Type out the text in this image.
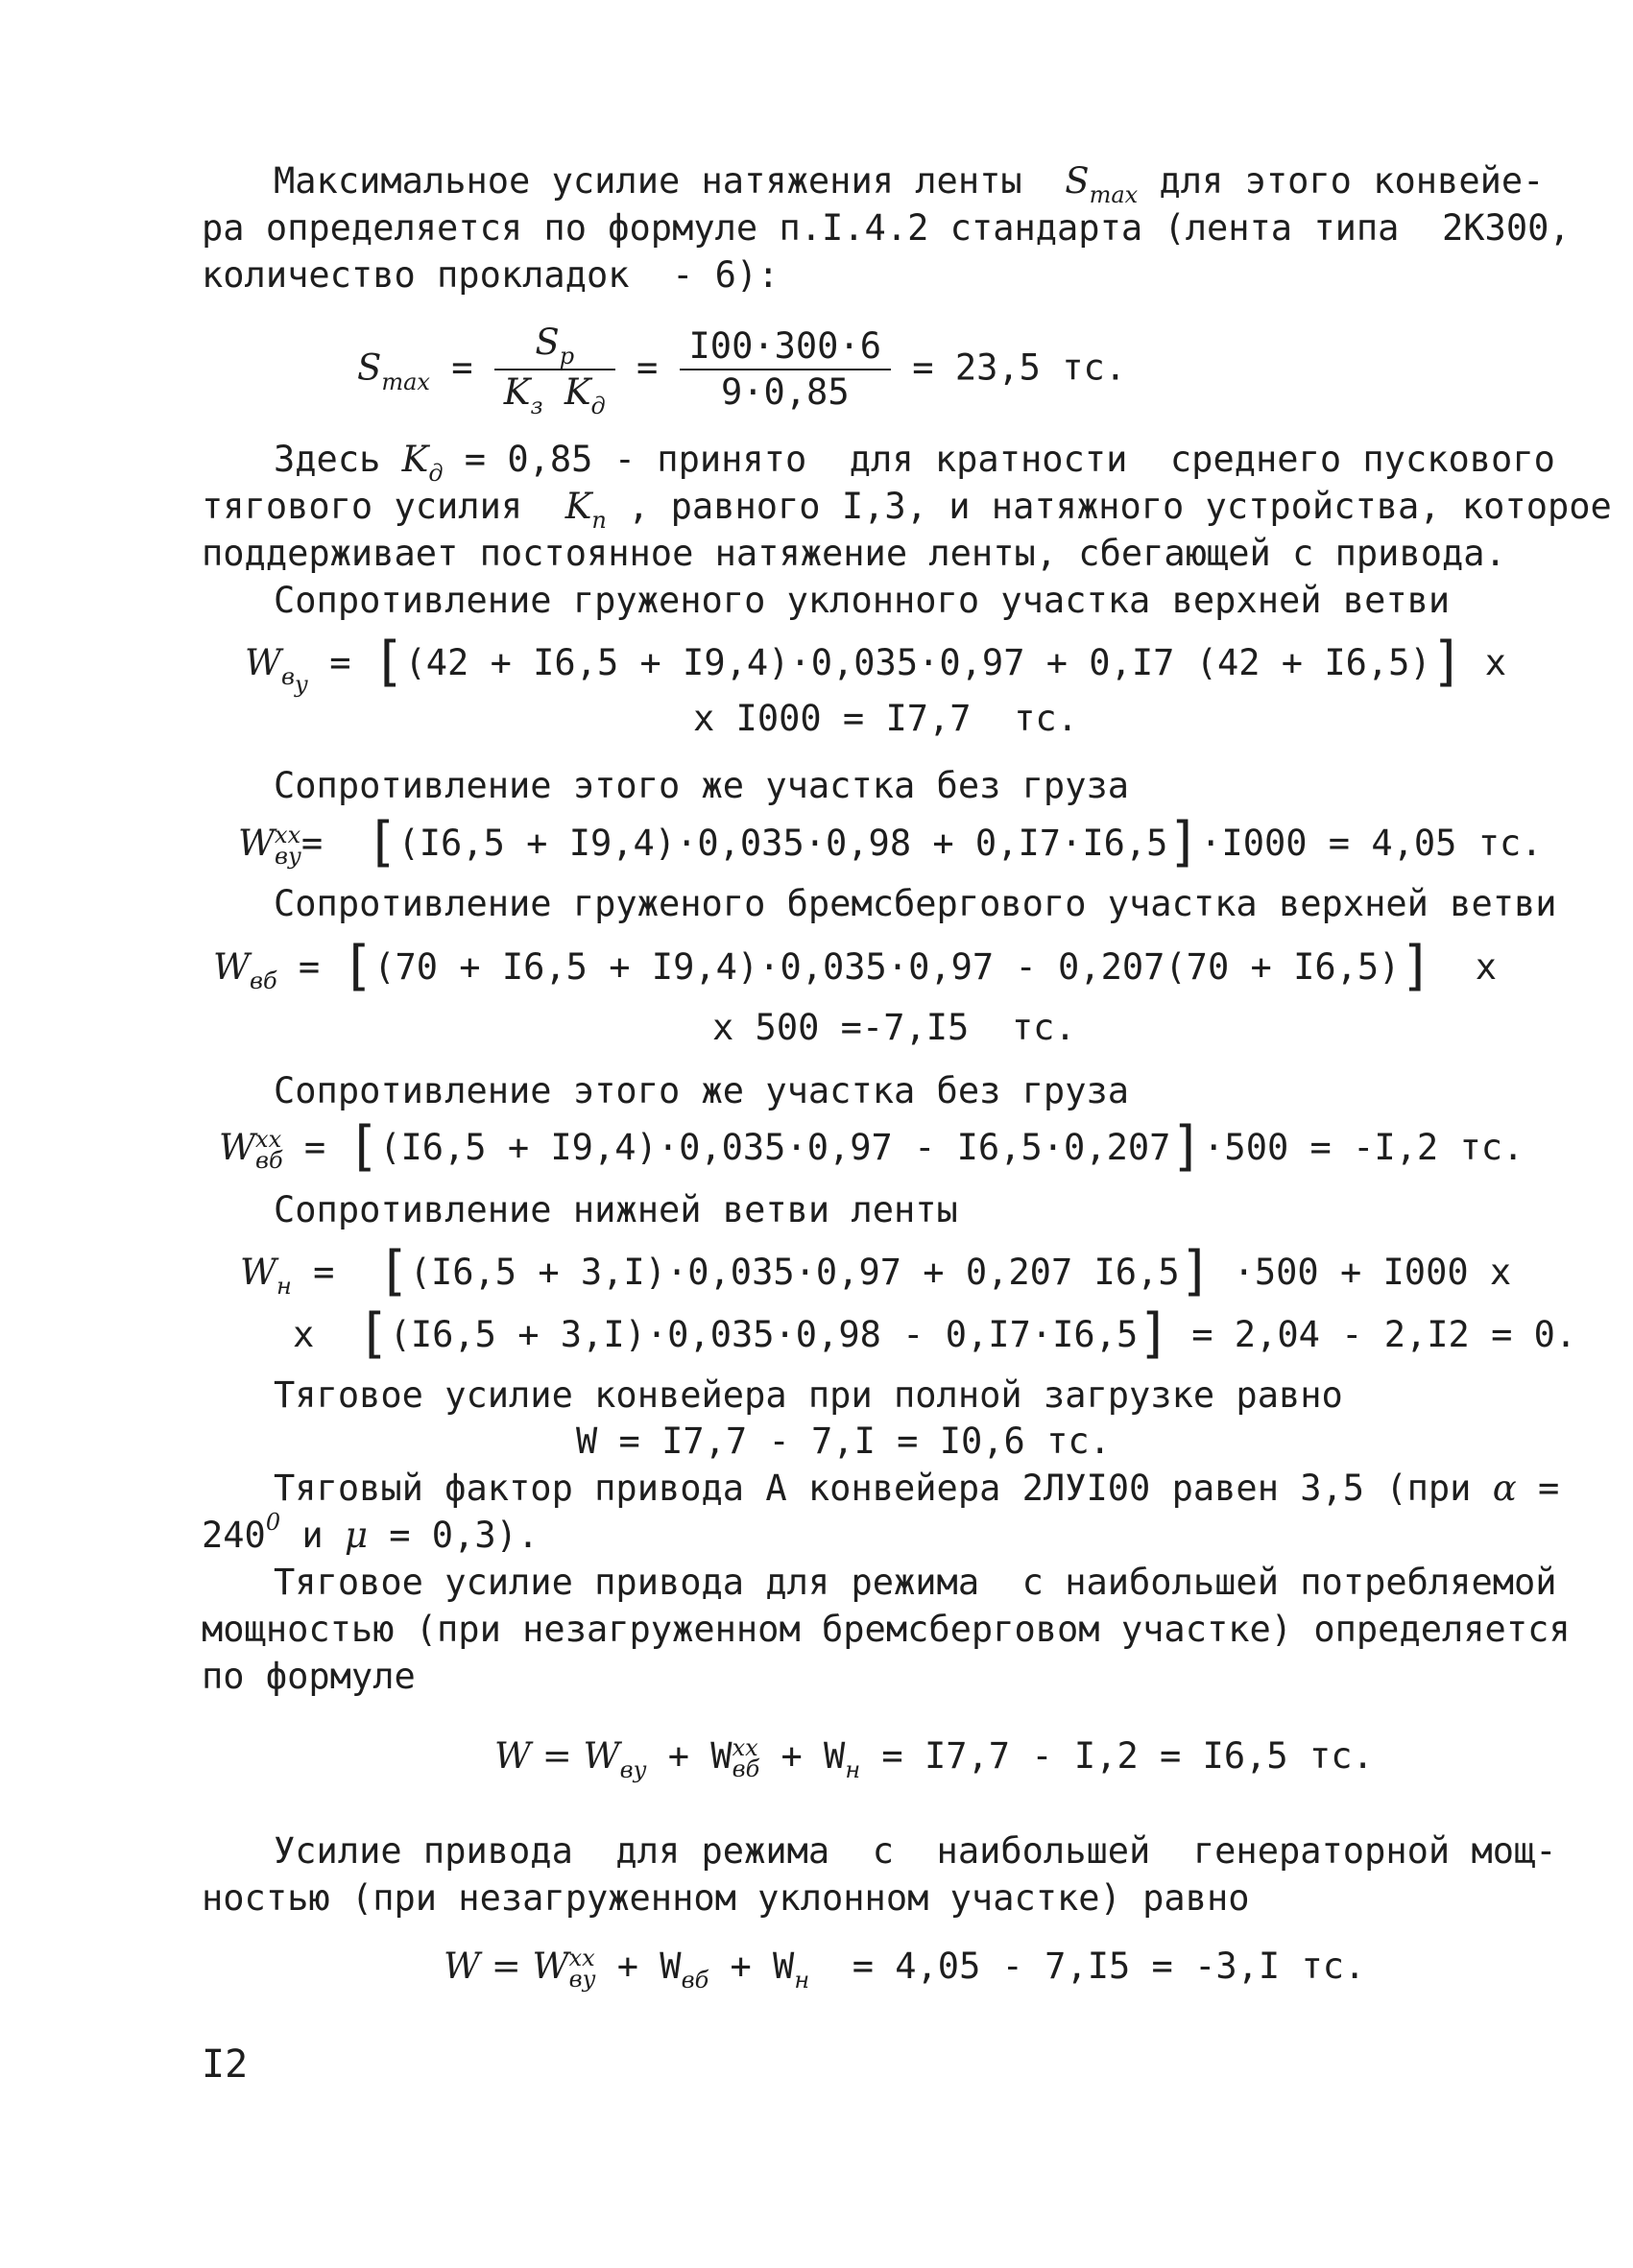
Максимальное усилие натяжения ленты $S_{max}$ для этого конвейе-
ра определяется по формуле п.I.4.2 стандарта (лента типа  2К300,
количество прокладок  - 6):
$S_{max} = \frac{S_p}{K_з K_д} = \frac{I00\cdot 300\cdot 6}{9\cdot 0,85} = 23,5$ тс.
Здесь $K_д = 0,85$ - принято  для кратности  среднего пускового
тягового усилия  $K_п$ , равного I,3, и натяжного устройства, которое
поддерживает постоянное натяжение ленты, сбегающей с привода.
Сопротивление груженого уклонного участка верхней ветви
$W_{ву} = [(42 + I6,5 + I9,4)\cdot 0,035\cdot 0,97 + 0,I7$ (42 + I6,5)] х
х I000 = I7,7  тс.
Сопротивление этого же участка без груза
W хх
ву =  [(I6,5 + I9,4)·0,035·0,98 + 0,I7·I6,5]·I000 = 4,05 тс.
Сопротивление груженого бремсбергового участка верхней ветви
$W_{вб} = [(70 + I6,5 + I9,4)\cdot 0,035\cdot 0,97 - 0,207(70 + I6,5)]$  х
х 500 =-7,I5  тс.
Сопротивление этого же участка без груза
W хх
вб = [(I6,5 + I9,4)·0,035·0,97 - I6,5·0,207]·500 = -I,2 тс.
Сопротивление нижней ветви ленты
$W_н = [(I6,5 + 3,I)\cdot 0,035\cdot 0,97 + 0,207$ I6,5] ·500 + I000 х
х  [(I6,5 + 3,I)·0,035·0,98 - 0,I7·I6,5] = 2,04 - 2,I2 = 0.
Тяговое усилие конвейера при полной загрузке равно
W = I7,7 - 7,I = I0,6 тс.
Тяговый фактор привода А конвейера 2ЛУI00 равен 3,5 (при α =
$240^0$ и μ = 0,3).
Тяговое усилие привода для режима  с наибольшей потребляемой
мощностью (при незагруженном бремсберговом участке) определяется
по формуле
$W = W_{ву} + W$ хх
вб + $W_н = I7,7 - I,2 = I6,5$ тс.
Усилие привода  для режима  с  наибольшей  генераторной мощ-
ностью (при незагруженном уклонном участке) равно
W = W хх
ву + $W_{вб} + W_н = 4,05 - 7,I5 = -3,I$ тс.
I2
